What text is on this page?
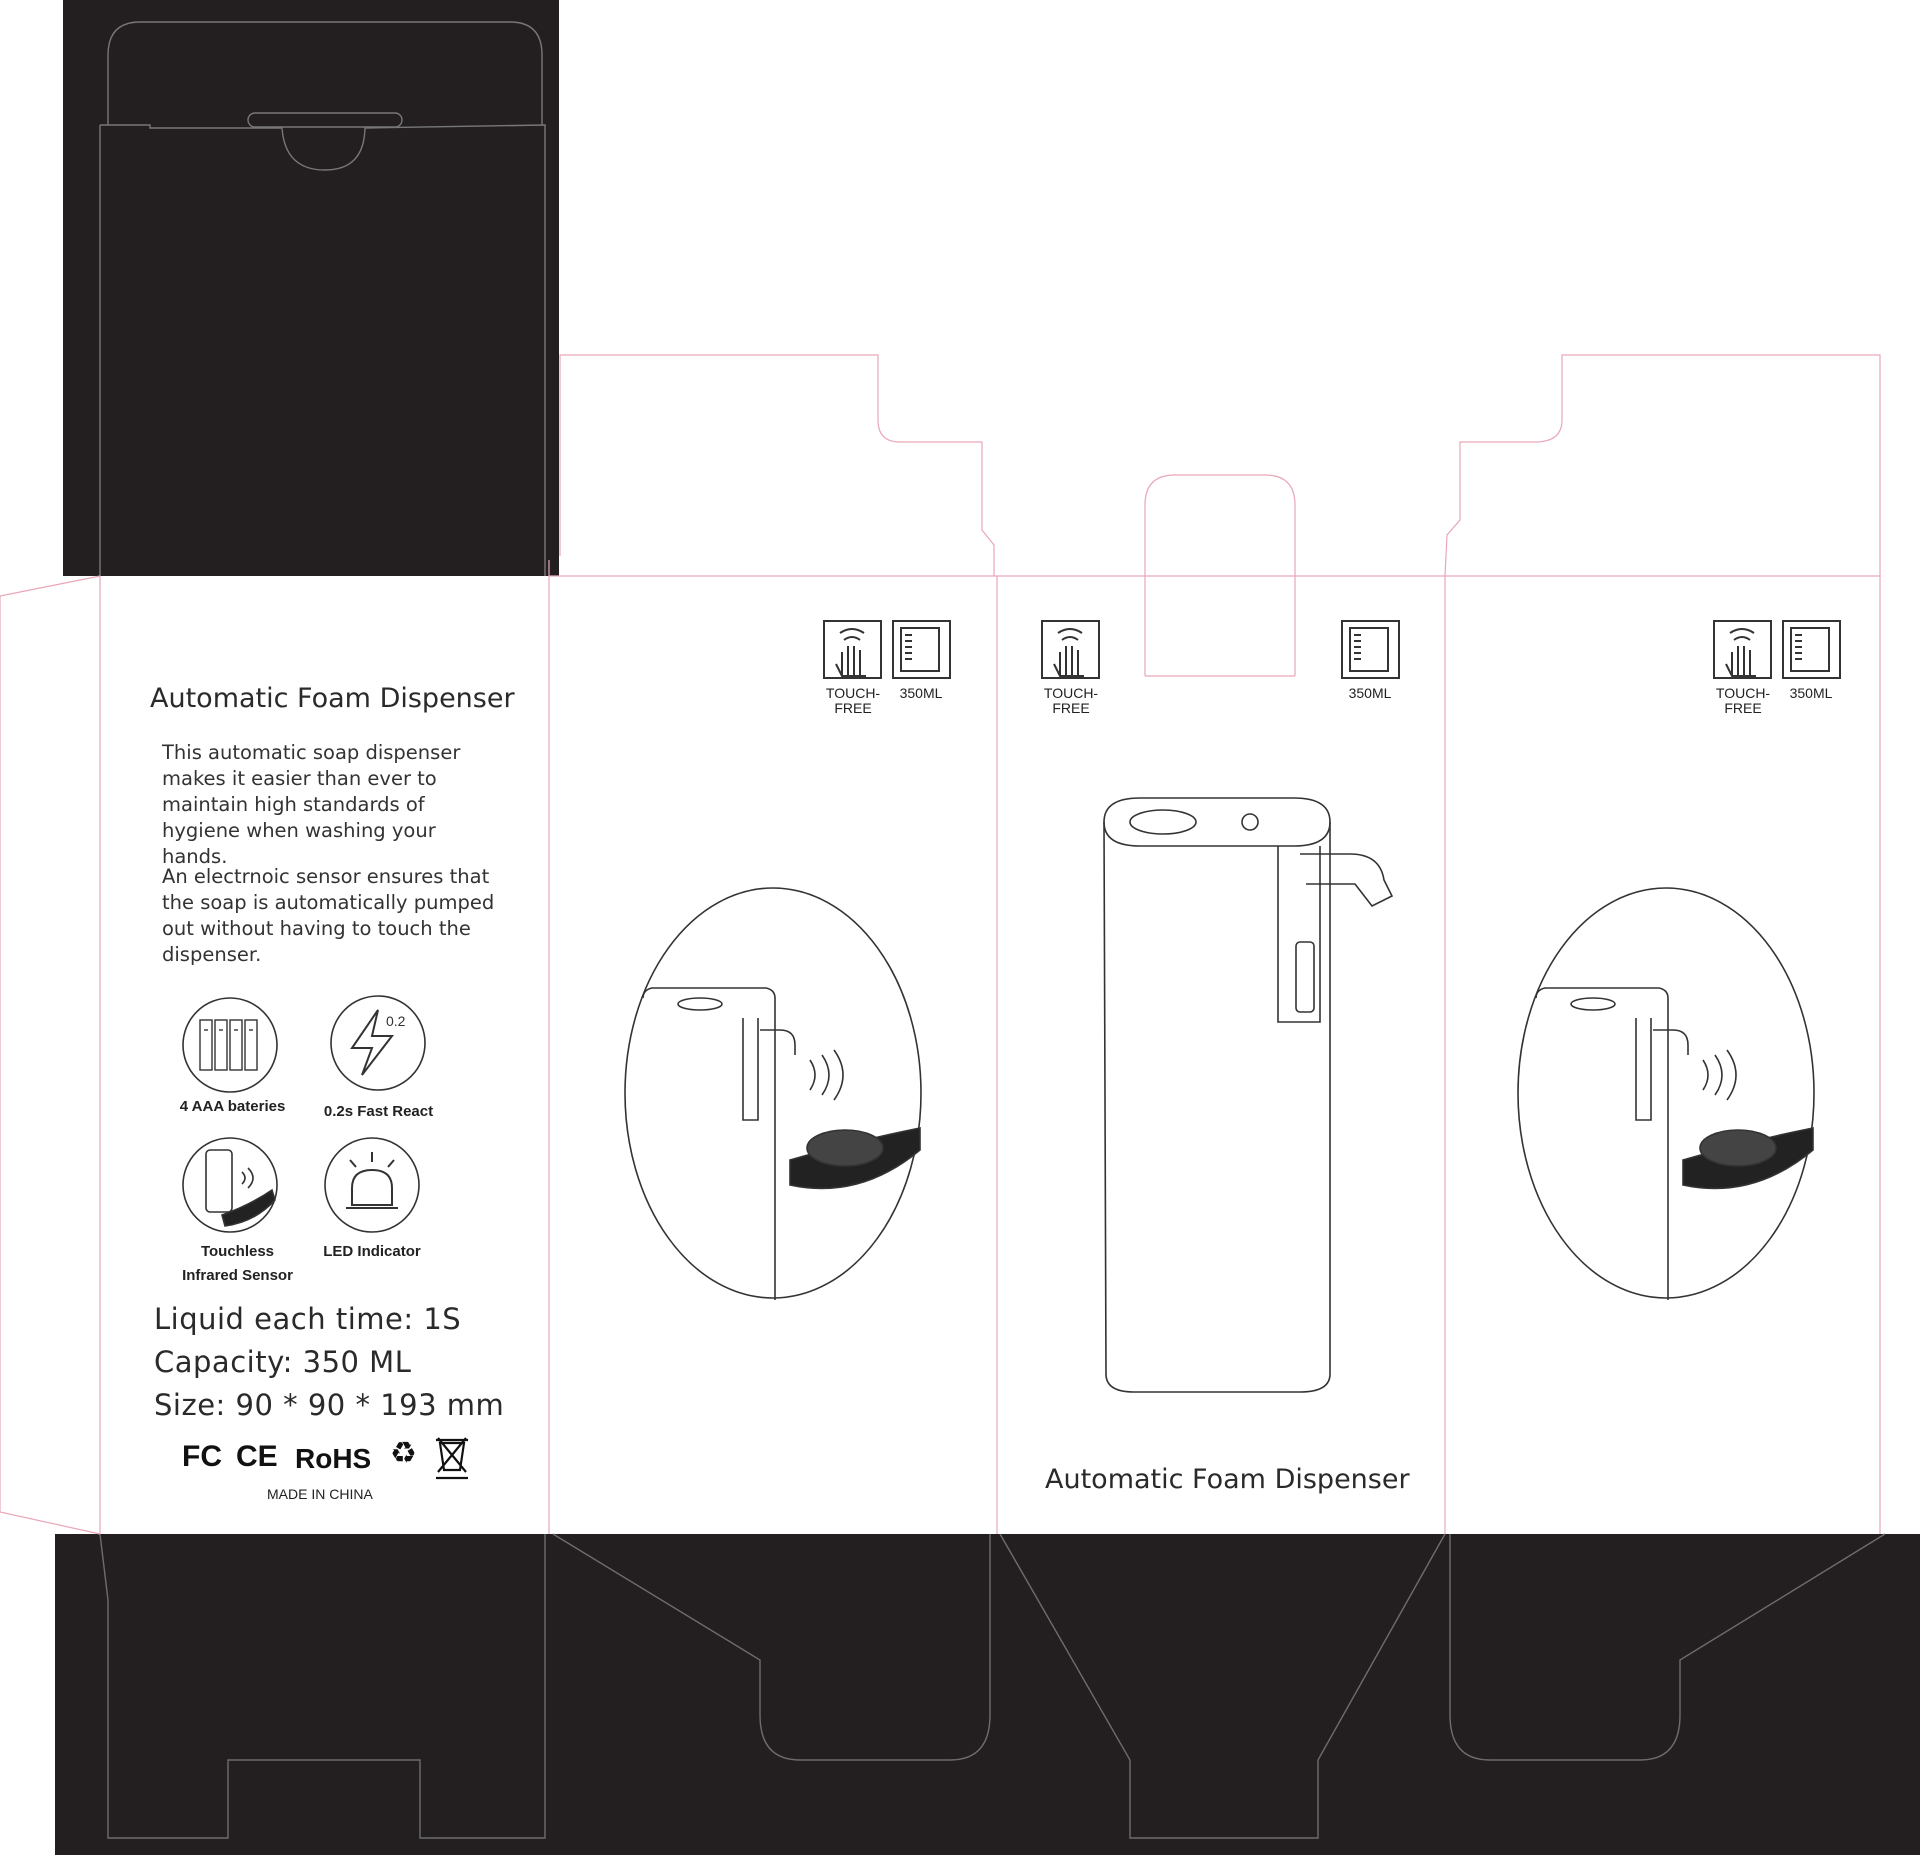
0.2
Automatic Foam Dispenser
This automatic soap dispenser makes it easier than ever to maintain high standards of hygiene when washing your hands.
An electrnoic sensor ensures that the soap is automatically pumped out without having to touch the dispenser.
4 AAA bateries	0.2s Fast React
Touchless
Infrared Sensor
LED Indicator
Liquid each time: 1S
Capacity: 350 ML
Size: 90 * 90 * 193 mm
FC CE RoHS ♻
MADE IN CHINA
TOUCH-
FREE
350ML	TOUCH-
FREE
350ML	TOUCH-
FREE
350ML
Automatic Foam Dispenser
